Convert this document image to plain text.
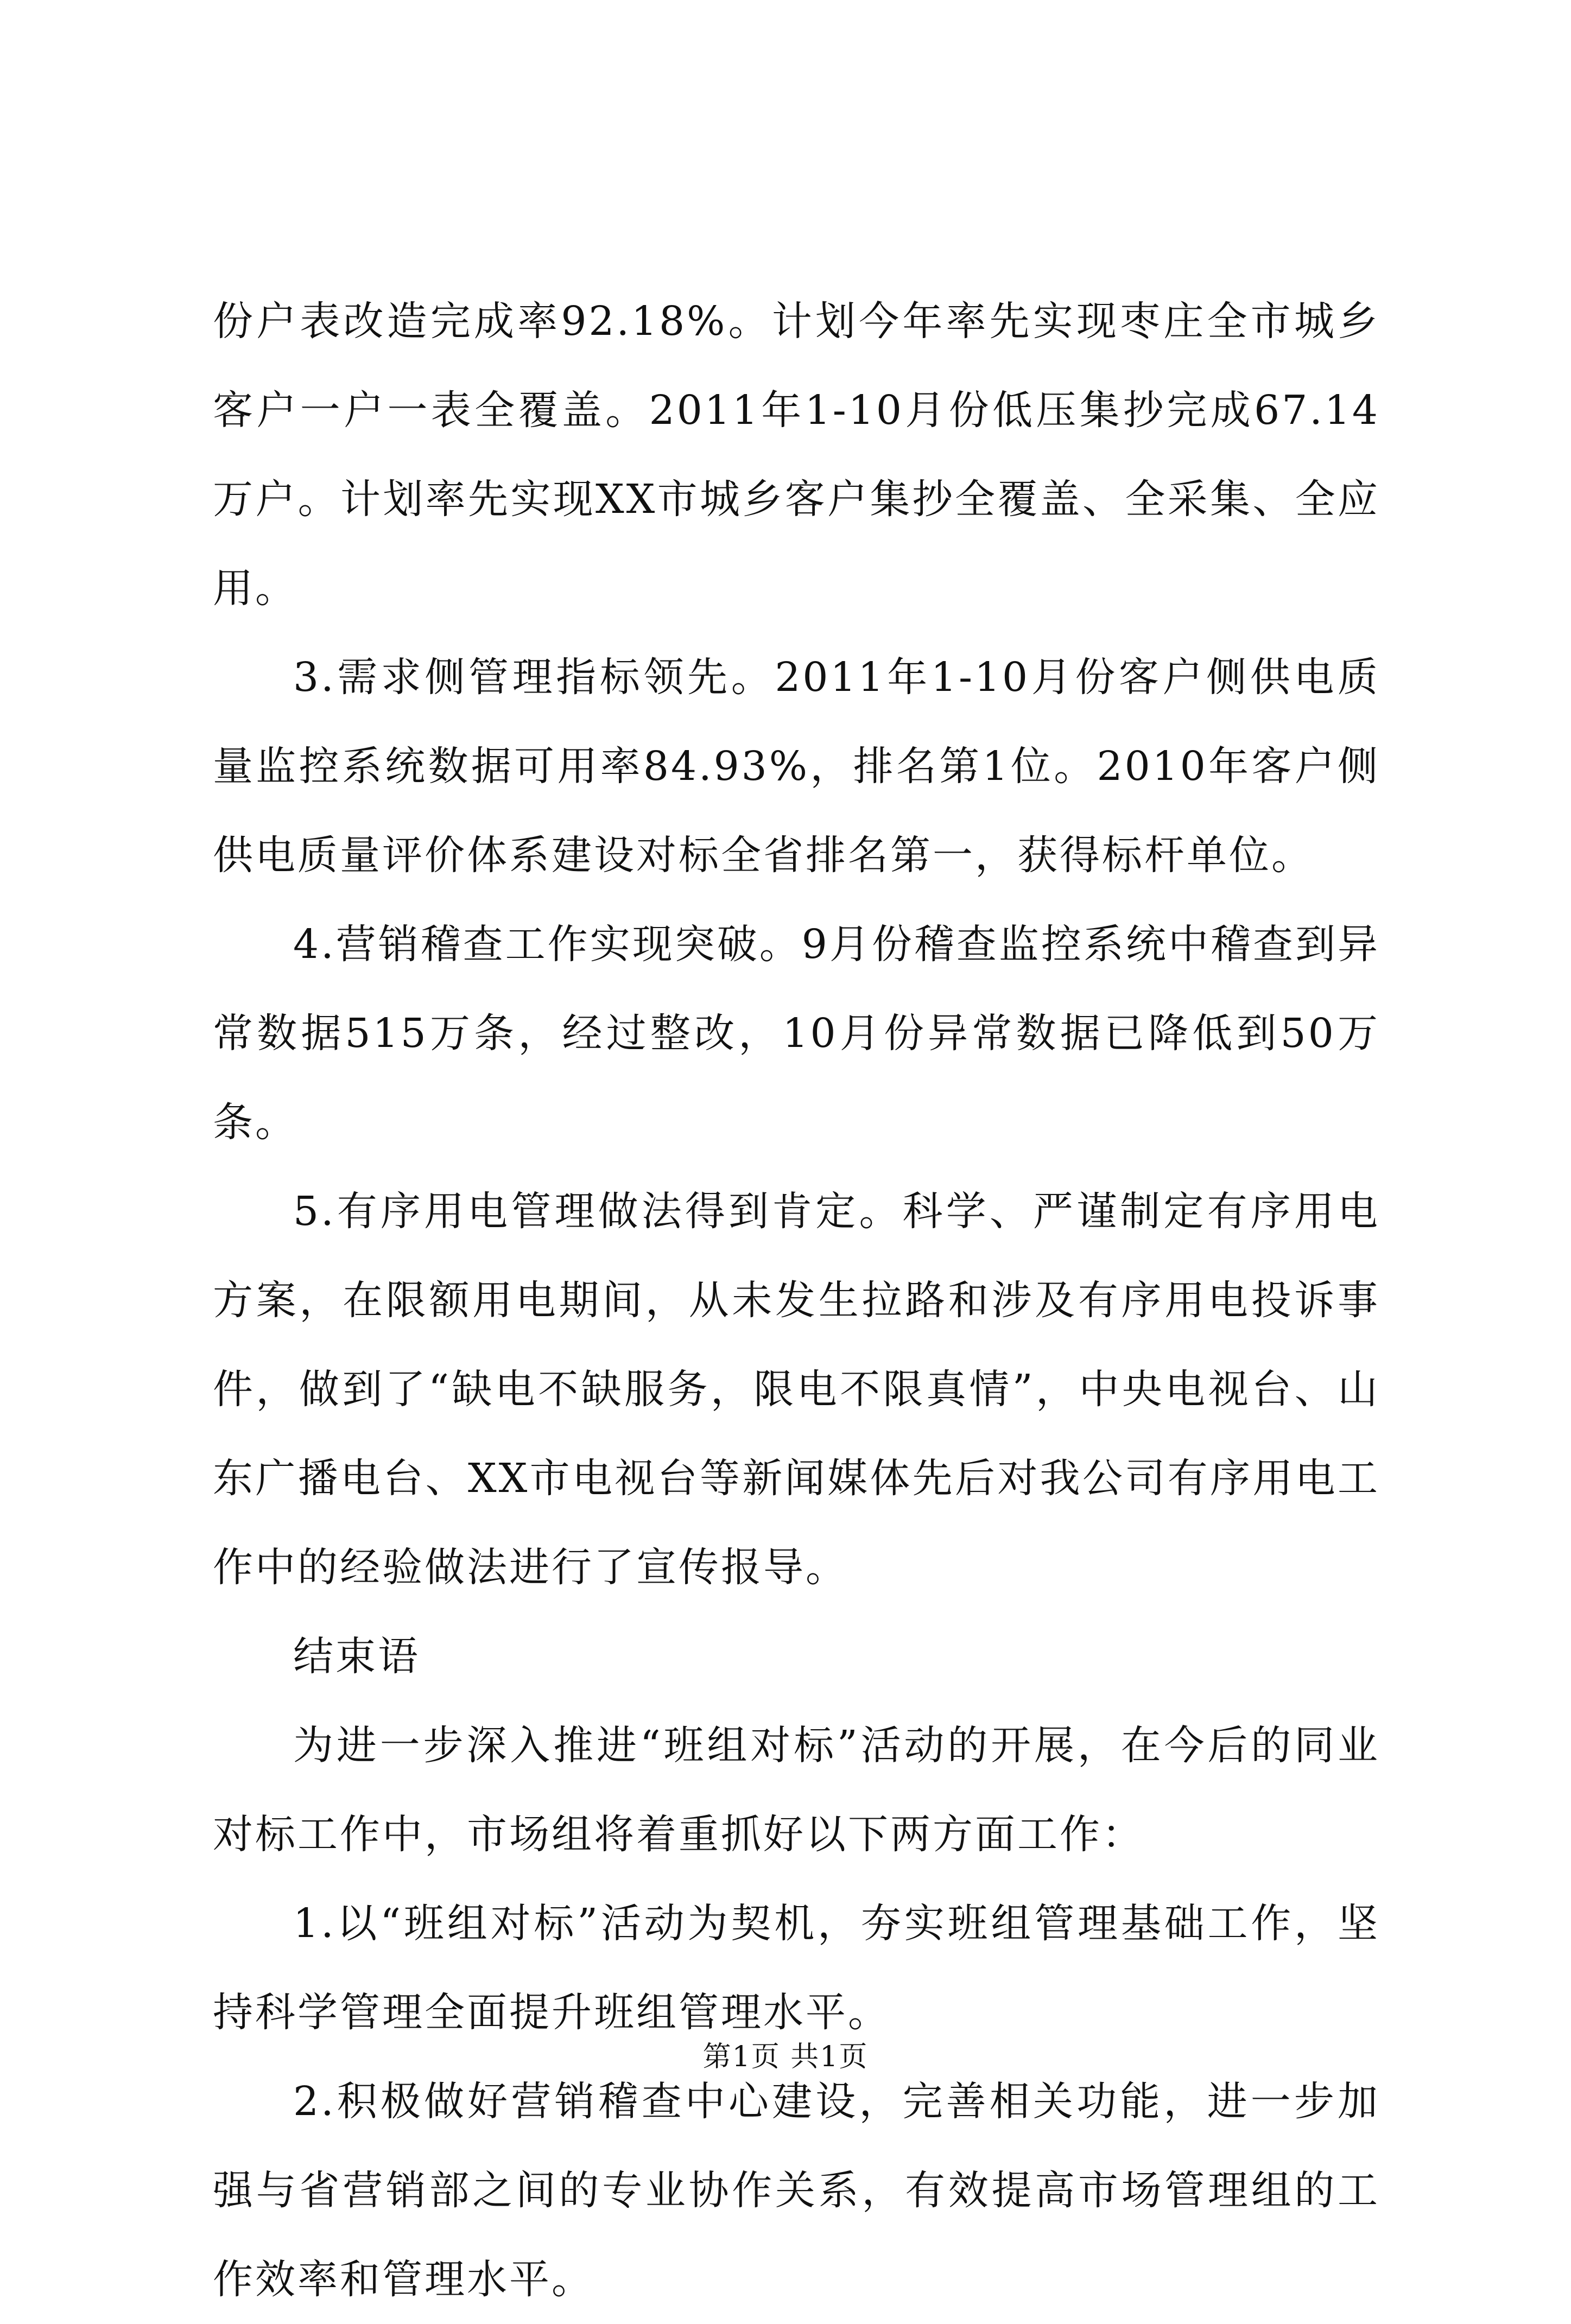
份户表改造完成率92.18%。计划今年率先实现枣庄全市城乡客户一户一表全覆盖。2011年1-10月份低压集抄完成67.14万户。计划率先实现XX市城乡客户集抄全覆盖、全采集、全应用。

3.需求侧管理指标领先。2011年1-10月份客户侧供电质量监控系统数据可用率84.93%，排名第1位。2010年客户侧供电质量评价体系建设对标全省排名第一，获得标杆单位。

4.营销稽查工作实现突破。9月份稽查监控系统中稽查到异常数据515万条，经过整改，10月份异常数据已降低到50万条。

5.有序用电管理做法得到肯定。科学、严谨制定有序用电方案，在限额用电期间，从未发生拉路和涉及有序用电投诉事件，做到了“缺电不缺服务，限电不限真情”，中央电视台、山东广播电台、XX市电视台等新闻媒体先后对我公司有序用电工作中的经验做法进行了宣传报导。

结束语

为进一步深入推进“班组对标”活动的开展，在今后的同业对标工作中，市场组将着重抓好以下两方面工作：

1.以“班组对标”活动为契机，夯实班组管理基础工作，坚持科学管理全面提升班组管理水平。

2.积极做好营销稽查中心建设，完善相关功能，进一步加强与省营销部之间的专业协作关系，有效提高市场管理组的工作效率和管理水平。

第1页 共1页
